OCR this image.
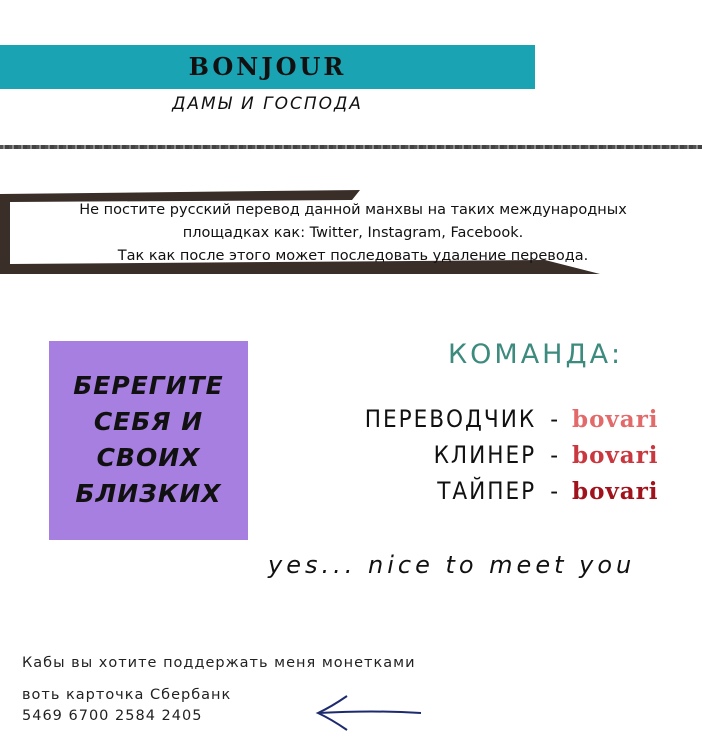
BONJOUR
ДАМЫ И ГОСПОДА
Не постите русский перевод данной манхвы на таких международных
площадках как: Twitter, Instagram, Facebook.
Так как после этого может последовать удаление перевода.
БЕРЕГИТЕ
СЕБЯ И
СВОИХ
БЛИЗКИХ
КОМАНДА:
ПЕРЕВОДЧИК - bovari
КЛИНЕР - bovari
ТАЙПЕР - bovari
yes... nice to meet you
Кабы вы хотите поддержать меня монетками
воть карточка Сбербанк
5469 6700 2584 2405
